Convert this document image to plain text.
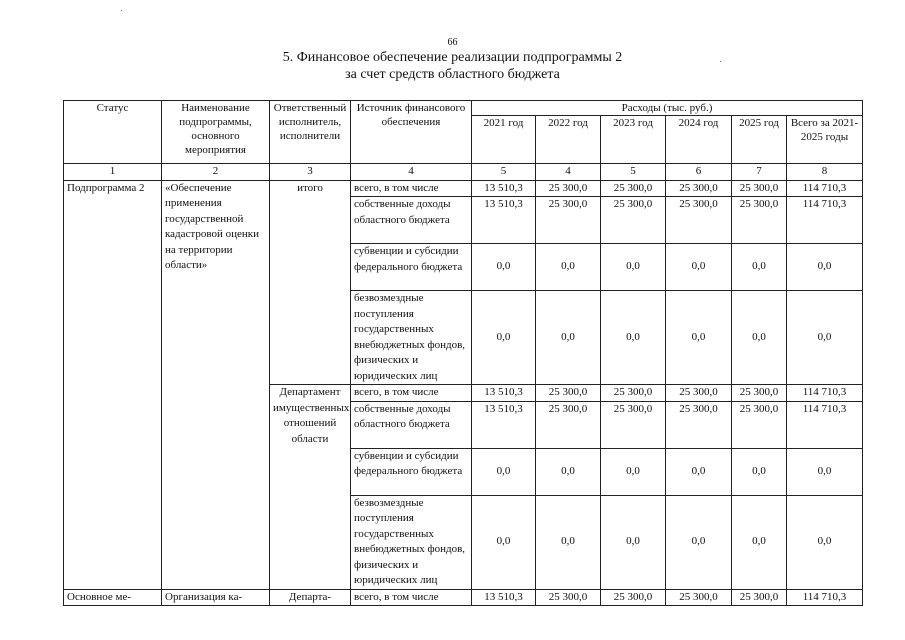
66
5. Финансовое обеспечение реализации подпрограммы 2
за счет средств областного бюджета
Статус	Наименование подпрограммы, основного мероприятия	Ответственный исполнитель, исполнители	Источник финансового обеспечения	Расходы (тыс. руб.)					
				2021 год	2022 год	2023 год	2024 год	2025 год	Всего за 2021-2025 годы
1	2	3	4	5	4	5	6	7	8
Подпрограмма 2	«Обеспечение применения государственной кадастровой оценки на территории области»	итого	всего, в том числе	13 510,3	25 300,0	25 300,0	25 300,0	25 300,0	114 710,3
			собственные доходы областного бюджета	13 510,3	25 300,0	25 300,0	25 300,0	25 300,0	114 710,3
			субвенции и субсидии федерального бюджета	0,0	0,0	0,0	0,0	0,0	0,0
			безвозмездные поступления государственных внебюджетных фондов, физических и юридических лиц	0,0	0,0	0,0	0,0	0,0	0,0
		Департамент имущественных отношений области	всего, в том числе	13 510,3	25 300,0	25 300,0	25 300,0	25 300,0	114 710,3
			собственные доходы областного бюджета	13 510,3	25 300,0	25 300,0	25 300,0	25 300,0	114 710,3
			субвенции и субсидии федерального бюджета	0,0	0,0	0,0	0,0	0,0	0,0
			безвозмездные поступления государственных внебюджетных фондов, физических и юридических лиц	0,0	0,0	0,0	0,0	0,0	0,0
Основное ме-	Организация ка-	Департа-	всего, в том числе	13 510,3	25 300,0	25 300,0	25 300,0	25 300,0	114 710,3
